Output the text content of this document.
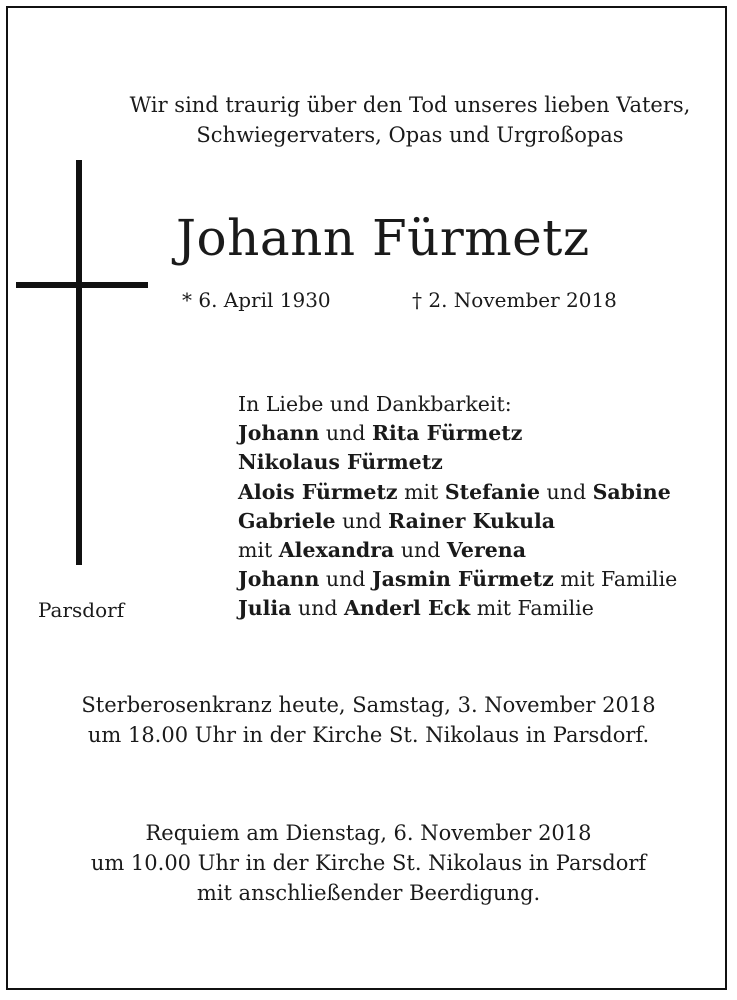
Wir sind traurig über den Tod unseres lieben Vaters,
Schwiegervaters, Opas und Urgroßopas
Johann Fürmetz
* 6. April 1930	† 2. November 2018
Parsdorf
In Liebe und Dankbarkeit:
Johann und Rita Fürmetz
Nikolaus Fürmetz
Alois Fürmetz mit Stefanie und Sabine
Gabriele und Rainer Kukula
mit Alexandra und Verena
Johann und Jasmin Fürmetz mit Familie
Julia und Anderl Eck mit Familie
Sterberosenkranz heute, Samstag, 3. November 2018
um 18.00 Uhr in der Kirche St. Nikolaus in Parsdorf.
Requiem am Dienstag, 6. November 2018
um 10.00 Uhr in der Kirche St. Nikolaus in Parsdorf
mit anschließender Beerdigung.
